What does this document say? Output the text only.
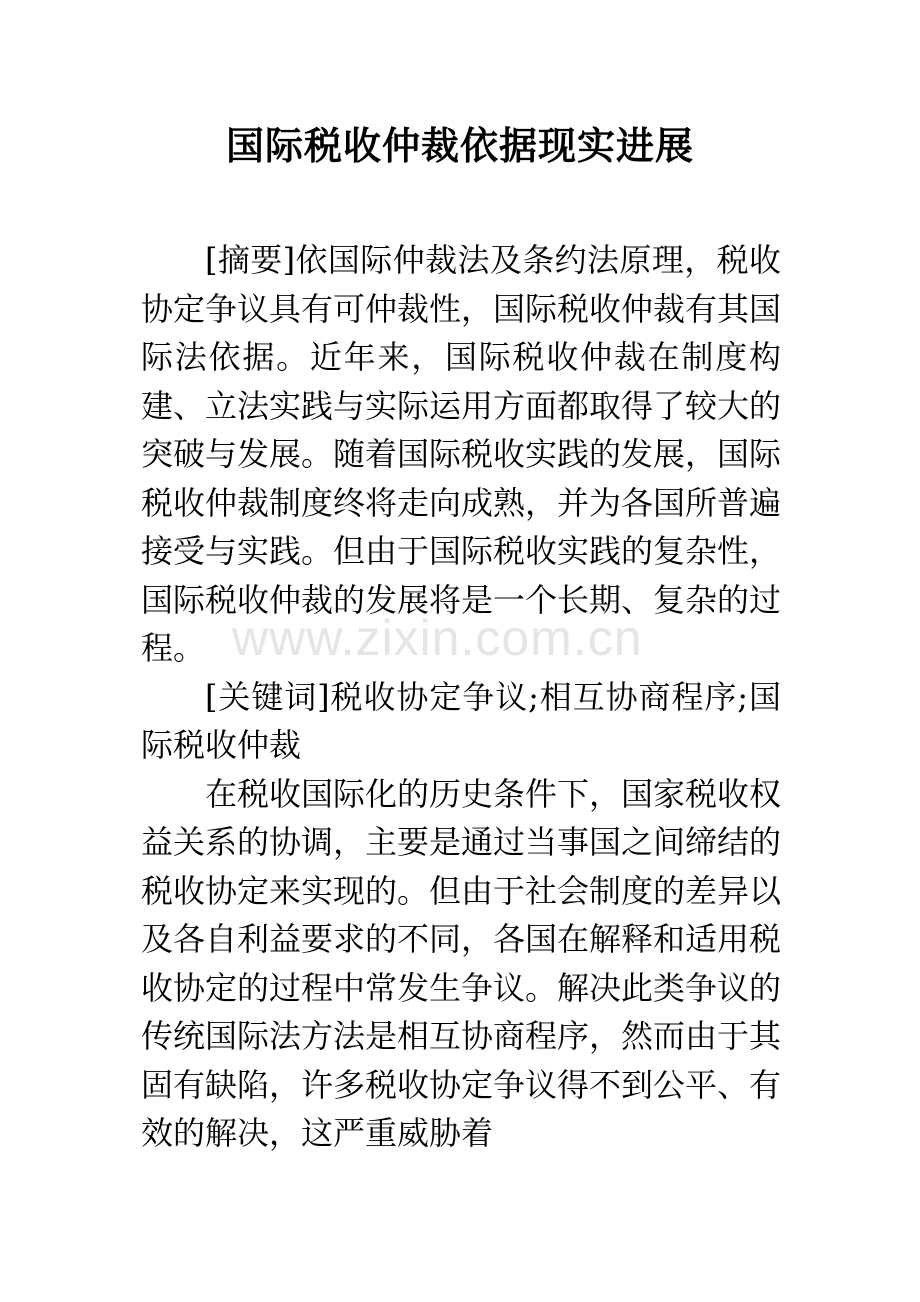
国际税收仲裁依据现实进展

[摘要]依国际仲裁法及条约法原理，税收协定争议具有可仲裁性，国际税收仲裁有其国际法依据。近年来，国际税收仲裁在制度构建、立法实践与实际运用方面都取得了较大的突破与发展。随着国际税收实践的发展，国际税收仲裁制度终将走向成熟，并为各国所普遍接受与实践。但由于国际税收实践的复杂性，国际税收仲裁的发展将是一个长期、复杂的过程。

[关键词]税收协定争议;相互协商程序;国际税收仲裁

在税收国际化的历史条件下，国家税收权益关系的协调，主要是通过当事国之间缔结的税收协定来实现的。但由于社会制度的差异以及各自利益要求的不同，各国在解释和适用税收协定的过程中常发生争议。解决此类争议的传统国际法方法是相互协商程序，然而由于其固有缺陷，许多税收协定争议得不到公平、有效的解决，这严重威胁着

www.zixin.com.cn
